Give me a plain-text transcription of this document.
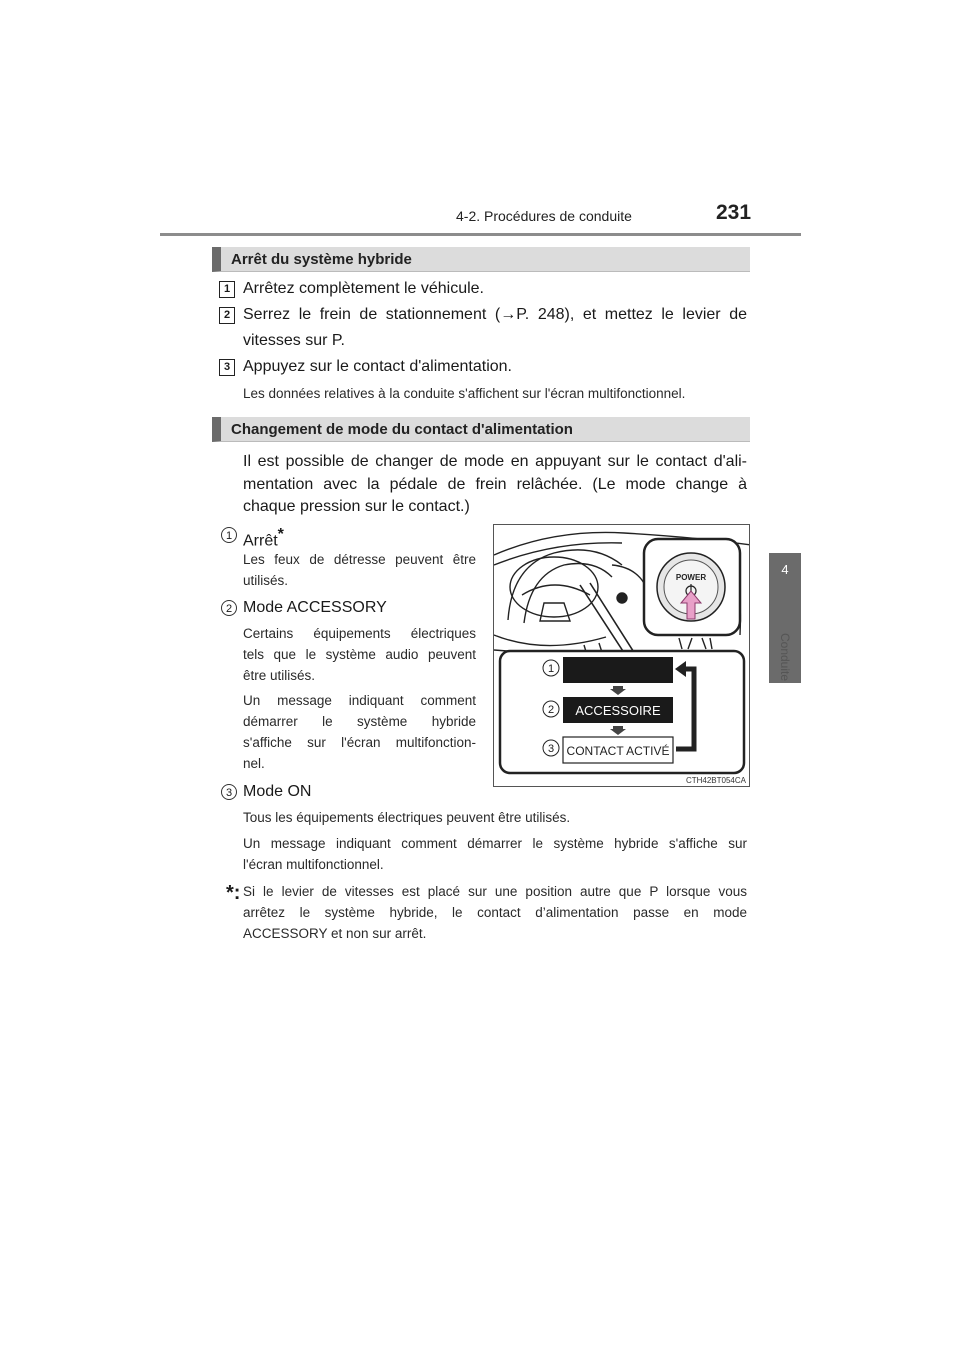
4-2. Procédures de conduite	231
4
Conduite
Arrêt du système hybride
1 Arrêtez complètement le véhicule.
2 Serrez le frein de stationnement (→P. 248), et mettez le levier de
vitesses sur P.
3 Appuyez sur le contact d'alimentation.
Les données relatives à la conduite s'affichent sur l'écran multifonctionnel.
Changement de mode du contact d'alimentation
Il est possible de changer de mode en appuyant sur le contact d'ali-
mentation avec la pédale de frein relâchée. (Le mode change à
chaque pression sur le contact.)
1 Arrêt*
Les feux de détresse peuvent être
utilisés.
2 Mode ACCESSORY
Certains équipements électriques
tels que le système audio peuvent
être utilisés.
Un message indiquant comment
démarrer le système hybride
s'affiche sur l'écran multifonction-
nel.
3 Mode ON
Tous les équipements électriques peuvent être utilisés.
Un message indiquant comment démarrer le système hybride s'affiche sur
l'écran multifonctionnel.
*: Si le levier de vitesses est placé sur une position autre que P lorsque vous
arrêtez le système hybride, le contact d’alimentation passe en mode
ACCESSORY et non sur arrêt.
POWER
1
2 ACCESSOIRE
3 CONTACT ACTIVÉ
CTH42BT054CA
